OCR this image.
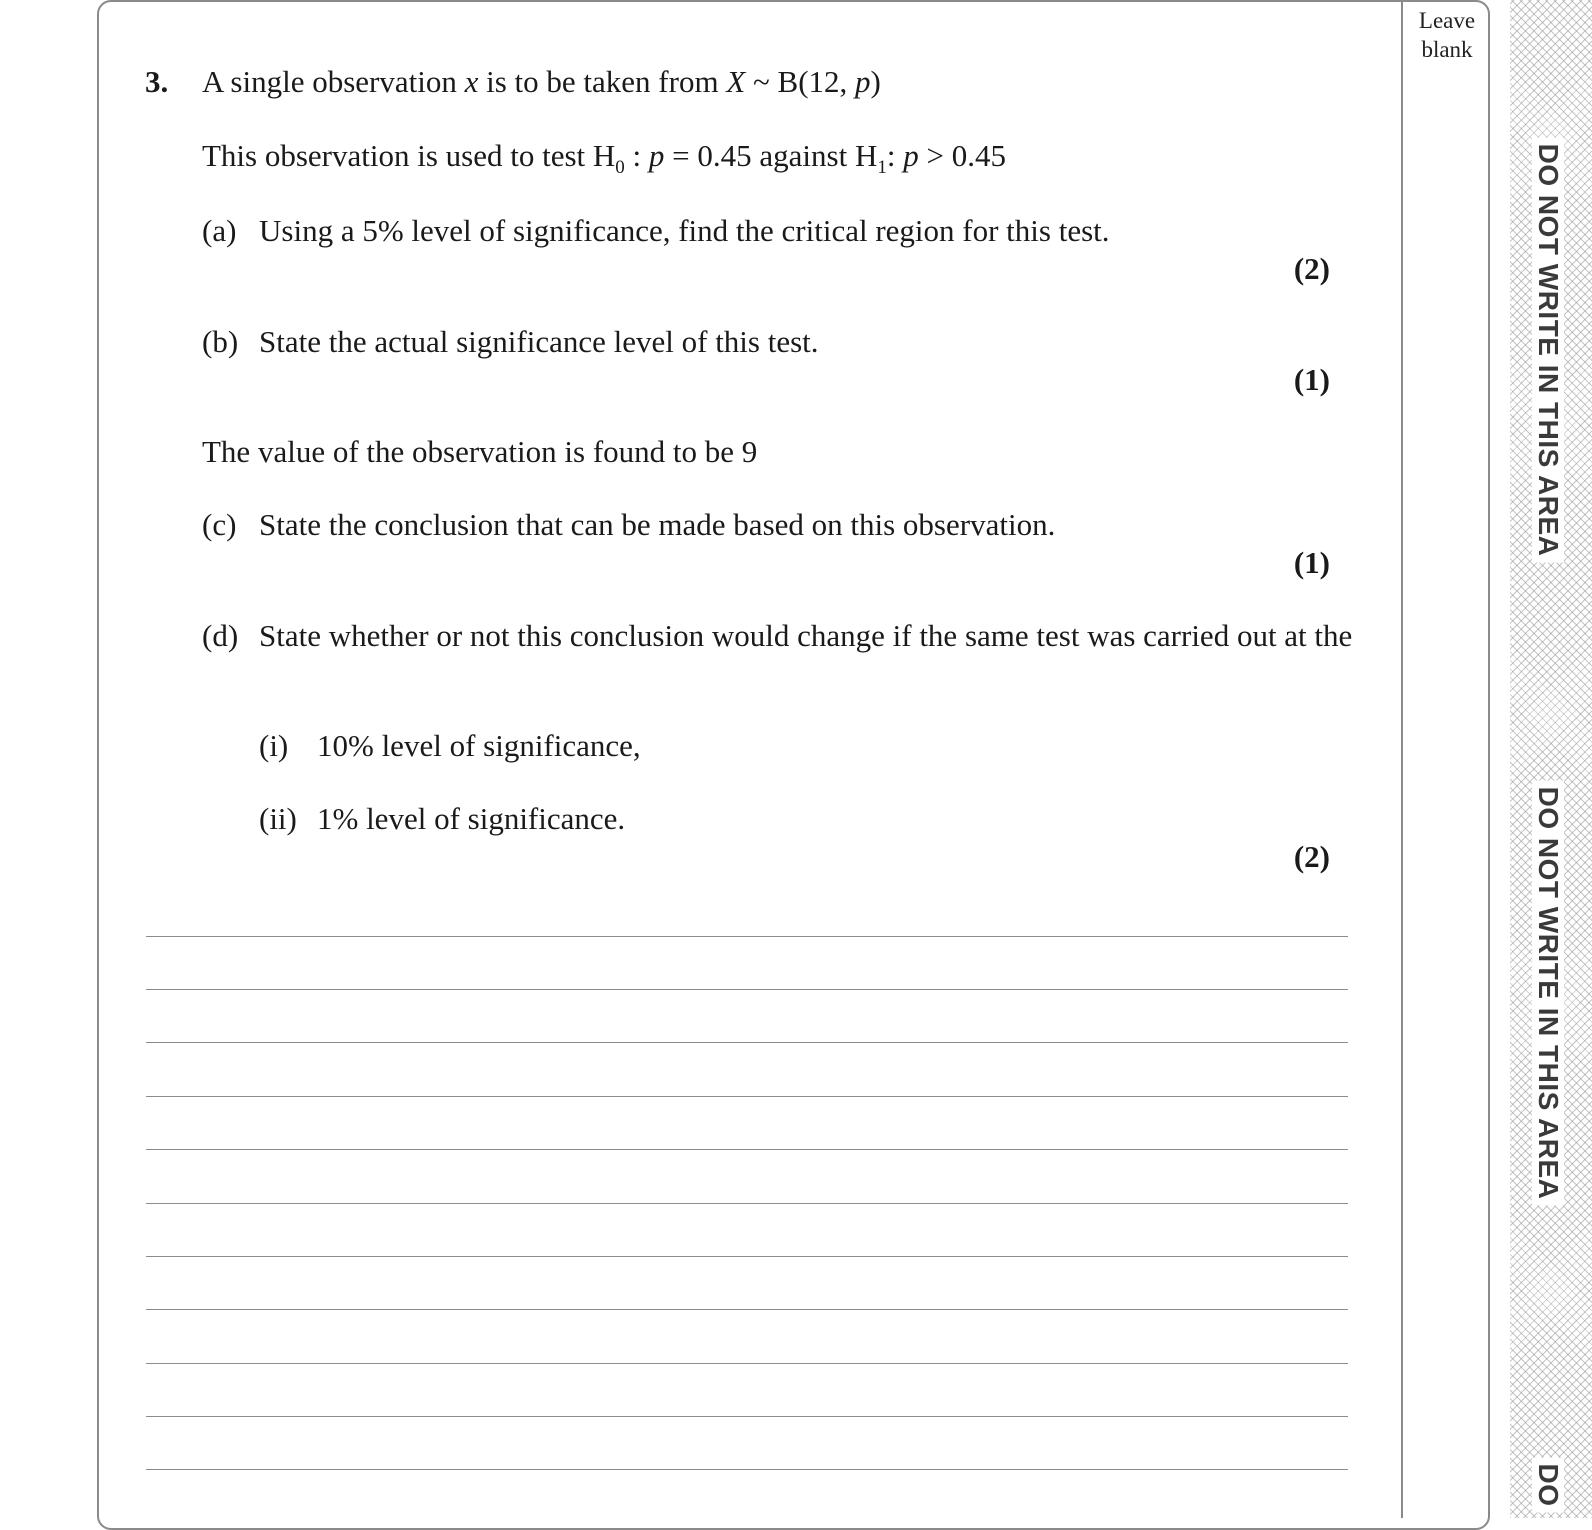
Leave
blank
DO NOT WRITE IN THIS AREA
DO NOT WRITE IN THIS AREA
DO
3. A single observation x is to be taken from X ~ B(12, p)
This observation is used to test $H_0$ : p = 0.45 against $H_1$: p > 0.45
(a) Using a 5% level of significance, find the critical region for this test.
(2)
(b) State the actual significance level of this test.
(1)
The value of the observation is found to be 9
(c) State the conclusion that can be made based on this observation.
(1)
(d) State whether or not this conclusion would change if the same test was carried out at the
(i) 10% level of significance,
(ii) 1% level of significance.
(2)
